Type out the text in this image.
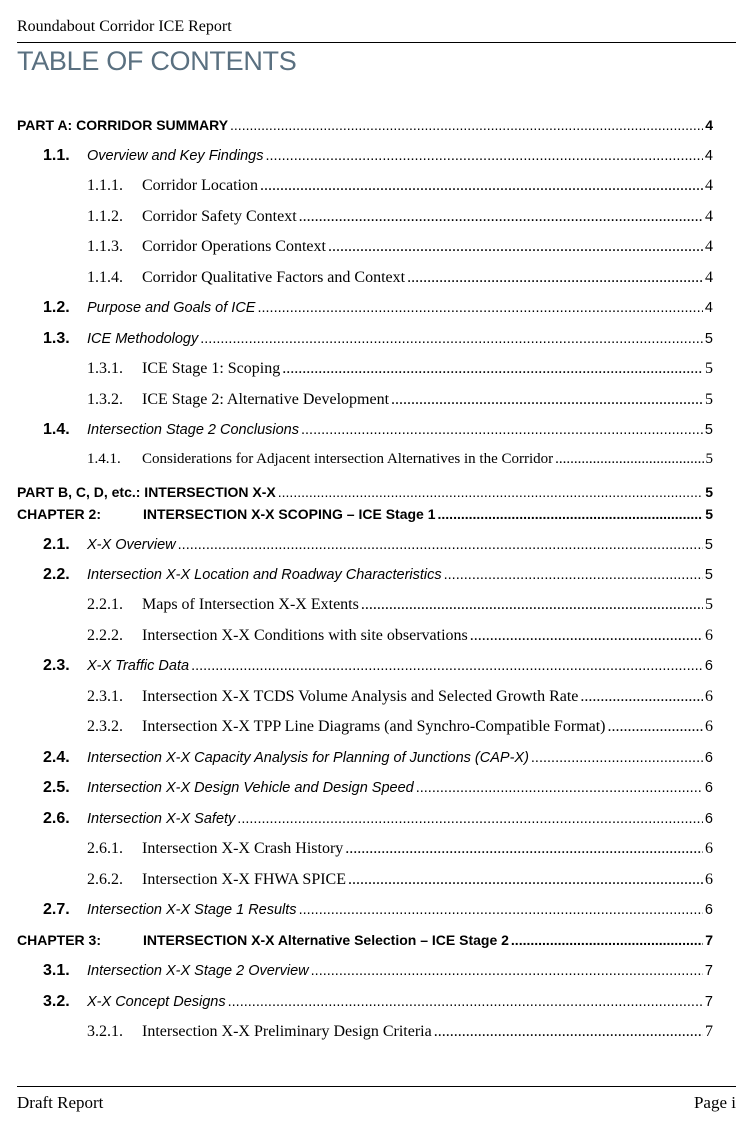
Roundabout Corridor ICE Report
TABLE OF CONTENTS
PART A: CORRIDOR SUMMARY .....	4
1.1.	Overview and Key Findings .....	4
1.1.1.	Corridor Location .....	4
1.1.2.	Corridor Safety Context .....	4
1.1.3.	Corridor Operations Context .....	4
1.1.4.	Corridor Qualitative Factors and Context .....	4
1.2.	Purpose and Goals of ICE .....	4
1.3.	ICE Methodology .....	5
1.3.1.	ICE Stage 1: Scoping .....	5
1.3.2.	ICE Stage 2: Alternative Development .....	5
1.4.	Intersection Stage 2 Conclusions .....	5
1.4.1.	Considerations for Adjacent intersection Alternatives in the Corridor .....	5
PART B, C, D, etc.: INTERSECTION X-X .....	5
CHAPTER 2:	INTERSECTION X-X SCOPING – ICE Stage 1 .....	5
2.1.	X-X Overview .....	5
2.2.	Intersection X-X Location and Roadway Characteristics .....	5
2.2.1.	Maps of Intersection X-X Extents .....	5
2.2.2.	Intersection X-X Conditions with site observations .....	6
2.3.	X-X Traffic Data .....	6
2.3.1.	Intersection X-X TCDS Volume Analysis and Selected Growth Rate .....	6
2.3.2.	Intersection X-X TPP Line Diagrams (and Synchro-Compatible Format) .....	6
2.4.	Intersection X-X Capacity Analysis for Planning of Junctions (CAP-X) .....	6
2.5.	Intersection X-X Design Vehicle and Design Speed .....	6
2.6.	Intersection X-X Safety .....	6
2.6.1.	Intersection X-X Crash History .....	6
2.6.2.	Intersection X-X FHWA SPICE .....	6
2.7.	Intersection X-X Stage 1 Results .....	6
CHAPTER 3:	INTERSECTION X-X Alternative Selection – ICE Stage 2 .....	7
3.1.	Intersection X-X Stage 2 Overview .....	7
3.2.	X-X Concept Designs .....	7
3.2.1.	Intersection X-X Preliminary Design Criteria .....	7
Draft Report	Page i
